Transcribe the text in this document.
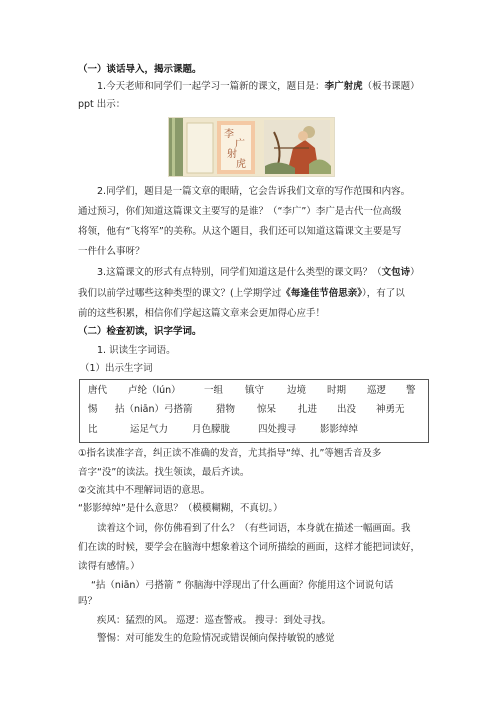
（一）谈话导入，揭示课题。
1.今天老师和同学们一起学习一篇新的课文，题目是：李广射虎（板书课题）
ppt 出示：
李
广
射
虎
2.同学们，题目是一篇文章的眼睛，它会告诉我们文章的写作范围和内容。
通过预习，你们知道这篇课文主要写的是谁？（“李广”）李广是古代一位高级
将领，他有“飞将军”的美称。从这个题目，我们还可以知道这篇课文主要是写
一件什么事呀？
3.这篇课文的形式有点特别，同学们知道这是什么类型的课文吗？（文包诗）
我们以前学过哪些这种类型的课文？(上学期学过《每逢佳节倍思亲》），有了以
前的这些积累，相信你们学起这篇文章来会更加得心应手！
（二）检查初读，识字学词。
1. 识读生字词语。
（1）出示生字词
唐代 卢纶（lún） 一组 镇守 边境 时期 巡逻 警
惕 拈（niān）弓搭箭 猎物 惊呆 扎进 出没 神勇无
比	运足气力	月色朦胧	四处搜寻	影影绰绰
①指名读准字音，纠正读不准确的发音，尤其指导“绰、扎”等翘舌音及多
音字“没”的读法。找生领读，最后齐读。
②交流其中不理解词语的意思。
“影影绰绰”是什么意思？（模模糊糊，不真切。）
读着这个词，你仿佛看到了什么？（有些词语，本身就在描述一幅画面。我
们在读的时候，要学会在脑海中想象着这个词所描绘的画面，这样才能把词读好，
读得有感情。）
“拈（niān）弓搭箭 ” 你脑海中浮现出了什么画面？你能用这个词说句话
吗？
疾风：猛烈的风。 巡逻：巡查警戒。 搜寻：到处寻找。
警惕：对可能发生的危险情况或错误倾向保持敏锐的感觉
